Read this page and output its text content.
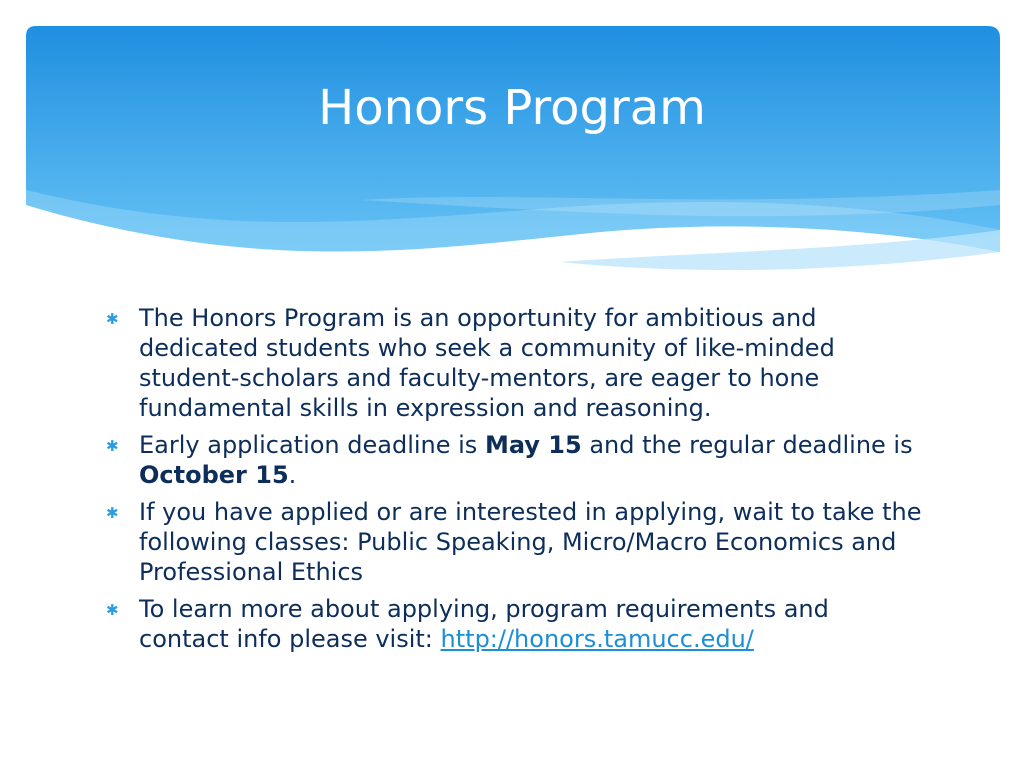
Honors Program
✱ The Honors Program is an opportunity for ambitious and dedicated students who seek a community of like-minded student-scholars and faculty-mentors, are eager to hone fundamental skills in expression and reasoning.
✱ Early application deadline is May 15 and the regular deadline is October 15.
✱ If you have applied or are interested in applying, wait to take the following classes: Public Speaking, Micro/Macro Economics and Professional Ethics
✱ To learn more about applying, program requirements and contact info please visit: http://honors.tamucc.edu/
